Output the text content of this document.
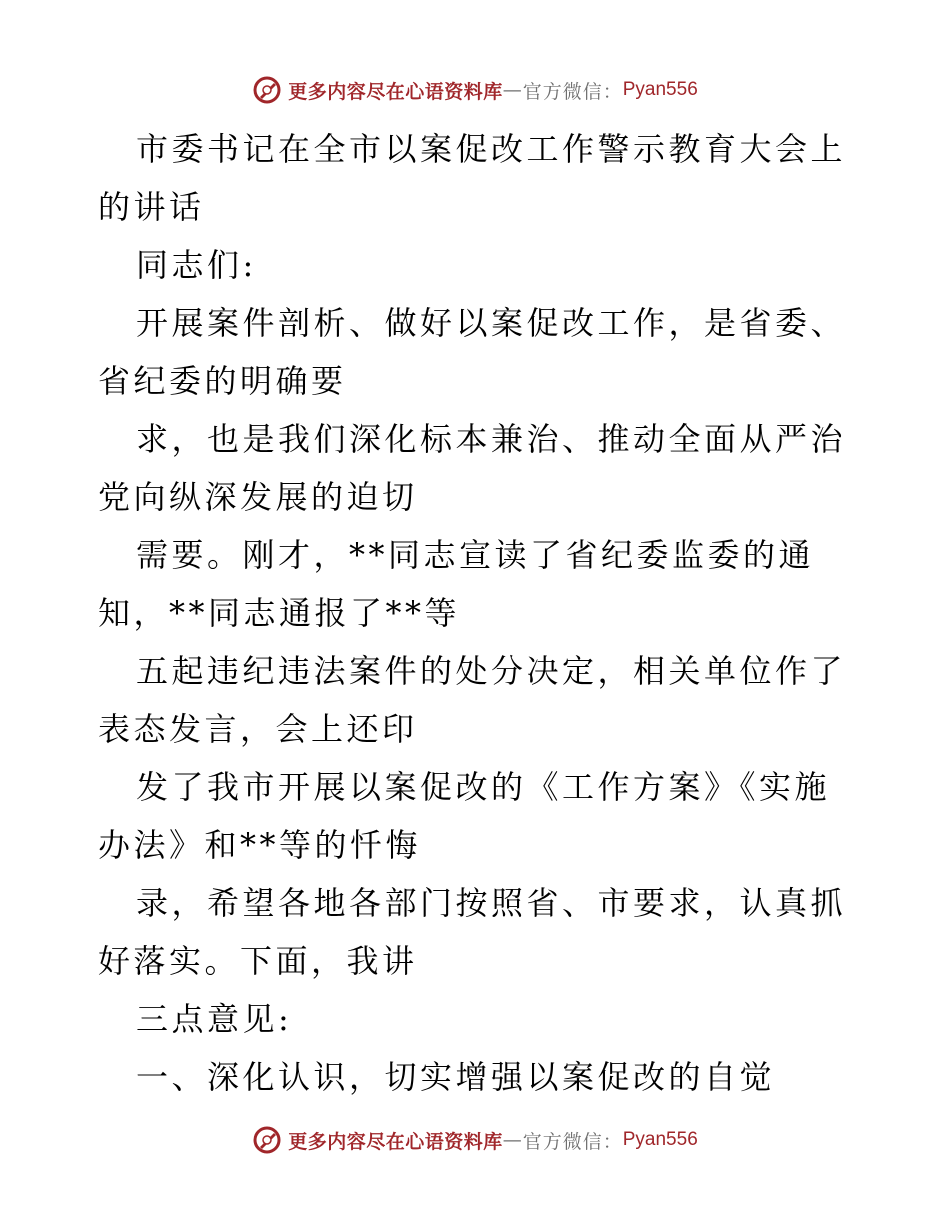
更多内容尽在心语资料库 — 官方微信： Pyan556

市委书记在全市以案促改工作警示教育大会上的讲话

同志们:

开展案件剖析、做好以案促改工作，是省委、省纪委的明确要

求，也是我们深化标本兼治、推动全面从严治党向纵深发展的迫切

需要。刚才，**同志宣读了省纪委监委的通知，**同志通报了**等

五起违纪违法案件的处分决定，相关单位作了表态发言，会上还印

发了我市开展以案促改的《工作方案》《实施办法》和**等的忏悔

录，希望各地各部门按照省、市要求，认真抓好落实。下面，我讲

三点意见:

一、深化认识，切实增强以案促改的自觉

更多内容尽在心语资料库 — 官方微信： Pyan556
